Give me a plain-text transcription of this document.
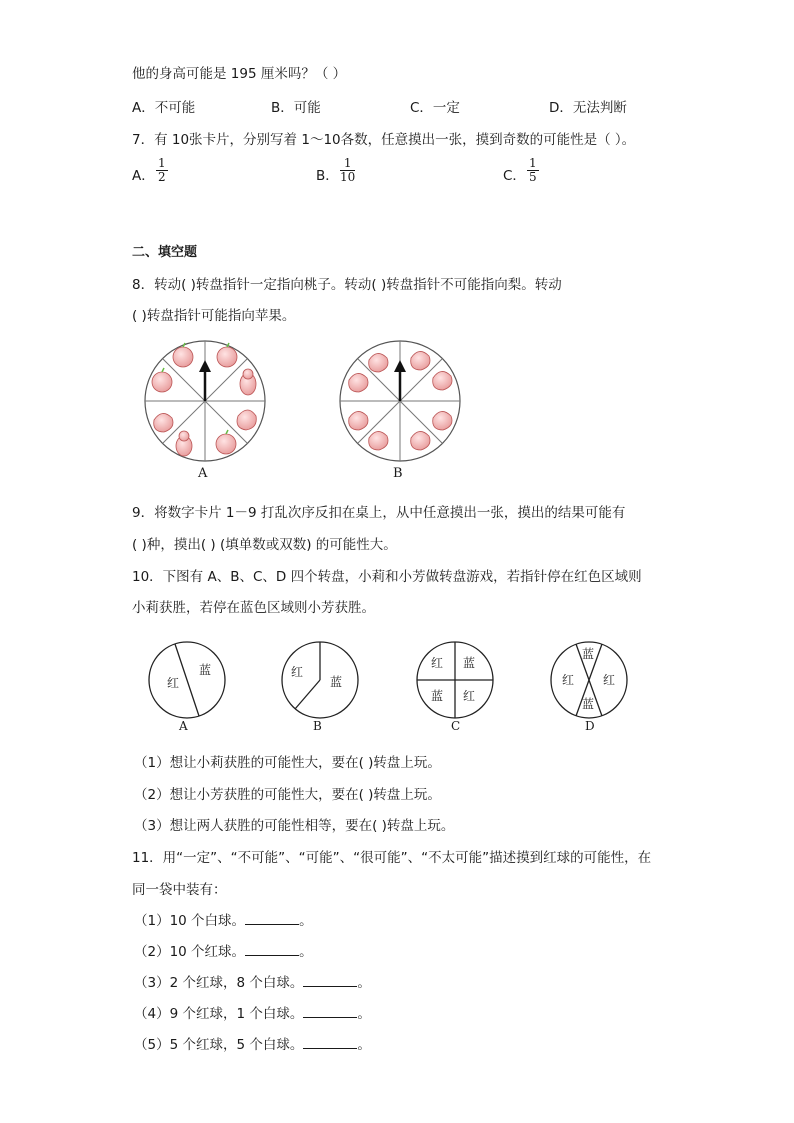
他的身高可能是 195 厘米吗？（ ）
A．不可能	B．可能	C．一定	D．无法判断
7．有 10张卡片，分别写着 1～10各数，任意摸出一张，摸到奇数的可能性是（ ）。
A． $\frac{1}{2}$	B． $\frac{1}{10}$	C． $\frac{1}{5}$
二、填空题
8．转动( )转盘指针一定指向桃子。转动( )转盘指针不可能指向梨。转动
( )转盘指针可能指向苹果。
A	B
9．将数字卡片 1－9 打乱次序反扣在桌上，从中任意摸出一张，摸出的结果可能有
( )种，摸出( ) (填单数或双数) 的可能性大。
10．下图有 A、B、C、D 四个转盘，小莉和小芳做转盘游戏，若指针停在红色区域则
小莉获胜，若停在蓝色区域则小芳获胜。
红
蓝
A
红
蓝
B
红 蓝
蓝 红
C
蓝
红 红
蓝
D
（1）想让小莉获胜的可能性大，要在( )转盘上玩。
（2）想让小芳获胜的可能性大，要在( )转盘上玩。
（3）想让两人获胜的可能性相等，要在( )转盘上玩。
11．用“一定”、“不可能”、“可能”、“很可能”、“不太可能”描述摸到红球的可能性，在
同一袋中装有：
（1）10 个白球。	。
（2）10 个红球。	。
（3）2 个红球，8 个白球。	。
（4）9 个红球，1 个白球。	。
（5）5 个红球，5 个白球。	。
